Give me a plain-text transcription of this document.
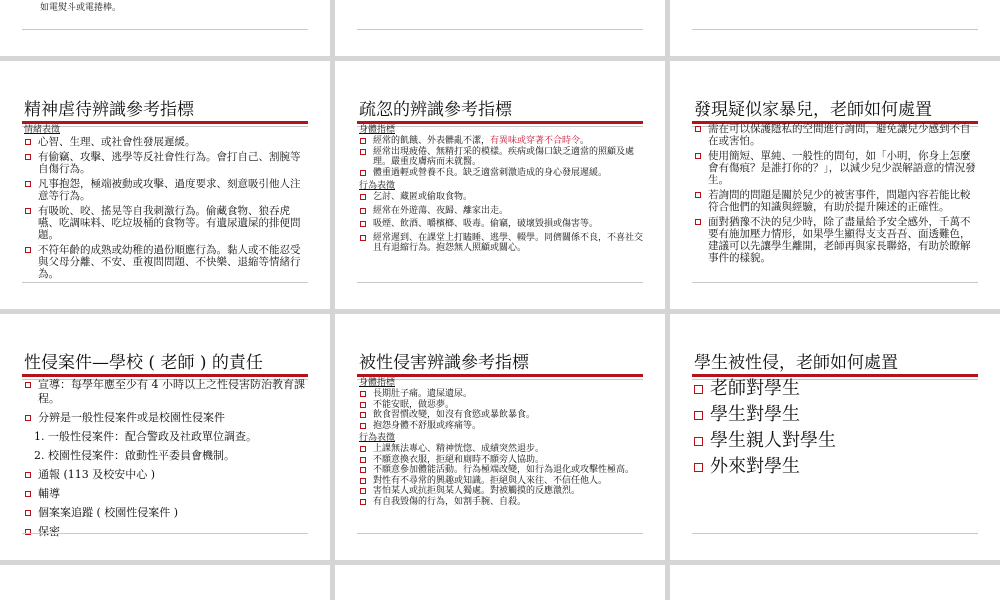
如電熨斗或電捲棒。
精神虐待辨識參考指標
情緒表徵
心智、生理、或社會性發展遲緩。
有偷竊、攻擊、逃學等反社會性行為。會打自己、割腕等自傷行為。
凡事抱怨，極端被動或攻擊、過度要求、刻意吸引他人注意等行為。
有吸吮、咬、搖晃等自我刺激行為。偷藏食物、狼吞虎嚥、吃調味料、吃垃圾桶的食物等。有遺尿遺屎的排便問題。
不符年齡的成熟或幼稚的過份順應行為。黏人或不能忍受與父母分離、不安、重複問問題、不快樂、退縮等情緒行為。
疏忽的辨識參考指標
身體指標
經常的飢餓、外表髒亂不潔，有異味或穿著不合時令。
經常出現疲倦、無精打采的模樣。疾病或傷口缺乏適當的照顧及處理。嚴重皮膚病而未就醫。
體重過輕或營養不良。缺乏適當刺激造成的身心發展遲緩。
行為表徵
乞討、藏匿或偷取食物。
經常在外遊蕩、夜歸、離家出走。
吸煙、飲酒、嚼檳榔、吸毒。偷竊，破壞毀損或傷害等。
經常遲到、在課堂上打瞌睡、逃學、輟學。同儕關係不良，不喜社交且有退縮行為。抱怨無人照顧或關心。
發現疑似家暴兒，老師如何處置
需在可以保護隱私的空間進行詢問，避免讓兒少感到不自在或害怕。
使用簡短、單純、一般性的問句，如「小明，你身上怎麼會有傷痕？是誰打你的？」，以減少兒少誤解語意的情況發生。
若詢問的問題是關於兒少的被害事件，問題內容若能比較符合他們的知識與經驗，有助於提升陳述的正確性。
面對猶豫不決的兒少時，除了盡量給予安全感外，千萬不要有施加壓力情形，如果學生顯得支支吾吾、面透難色，建議可以先讓學生離開，老師再與家長聯絡，有助於瞭解事件的樣貌。
性侵案件—學校 ( 老師 ) 的責任
宣導：每學年應至少有 4 小時以上之性侵害防治教育課程。
分辨是一般性侵案件或是校園性侵案件
1. 一般性侵案件：配合警政及社政單位調查。
2. 校園性侵案件：啟動性平委員會機制。
通報 (113 及校安中心 )
輔導
個案案追蹤 ( 校園性侵案件 )
保密
被性侵害辨識參考指標
身體指標
長期肚子痛。遺屎遺尿。
不能安眠，做惡夢。
飲食習慣改變，如沒有食慾或暴飲暴食。
抱怨身體不舒服或疼痛等。
行為表徵
上課無法專心、精神恍惚、成績突然退步。
不願意換衣服，拒絕和廁時不願旁人協助。
不願意參加體能活動。行為極端改變，如行為退化或攻擊性極高。
對性有不尋常的興趣或知識。拒絕與人來往、不信任他人。
害怕某人或抗拒與某人獨處。對被觸摸的反應激烈。
有自我毀傷的行為，如割手腕、自殺。
學生被性侵，老師如何處置
老師對學生
學生對學生
學生親人對學生
外來對學生
